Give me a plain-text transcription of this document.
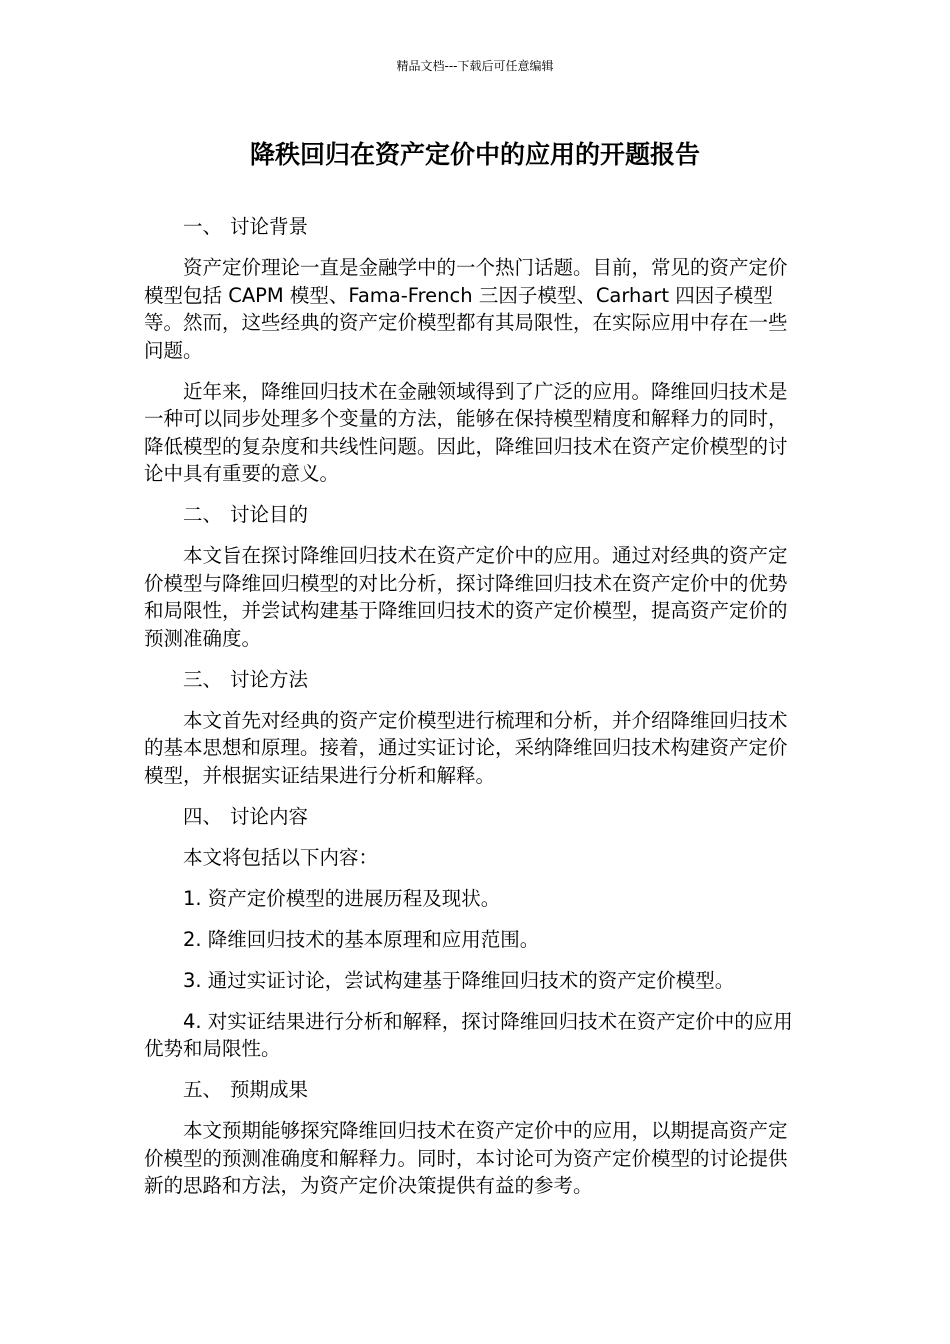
精品文档---下载后可任意编辑
降秩回归在资产定价中的应用的开题报告
一、 讨论背景

资产定价理论一直是金融学中的一个热门话题。目前，常见的资产定价模型包括 CAPM 模型、Fama-French 三因子模型、Carhart 四因子模型等。然而，这些经典的资产定价模型都有其局限性，在实际应用中存在一些问题。

近年来，降维回归技术在金融领域得到了广泛的应用。降维回归技术是一种可以同步处理多个变量的方法，能够在保持模型精度和解释力的同时，降低模型的复杂度和共线性问题。因此，降维回归技术在资产定价模型的讨论中具有重要的意义。

二、 讨论目的

本文旨在探讨降维回归技术在资产定价中的应用。通过对经典的资产定价模型与降维回归模型的对比分析，探讨降维回归技术在资产定价中的优势和局限性，并尝试构建基于降维回归技术的资产定价模型，提高资产定价的预测准确度。

三、 讨论方法

本文首先对经典的资产定价模型进行梳理和分析，并介绍降维回归技术的基本思想和原理。接着，通过实证讨论，采纳降维回归技术构建资产定价模型，并根据实证结果进行分析和解释。

四、 讨论内容

本文将包括以下内容：

1. 资产定价模型的进展历程及现状。

2. 降维回归技术的基本原理和应用范围。

3. 通过实证讨论，尝试构建基于降维回归技术的资产定价模型。

4. 对实证结果进行分析和解释，探讨降维回归技术在资产定价中的应用优势和局限性。

五、 预期成果

本文预期能够探究降维回归技术在资产定价中的应用，以期提高资产定价模型的预测准确度和解释力。同时，本讨论可为资产定价模型的讨论提供新的思路和方法，为资产定价决策提供有益的参考。
